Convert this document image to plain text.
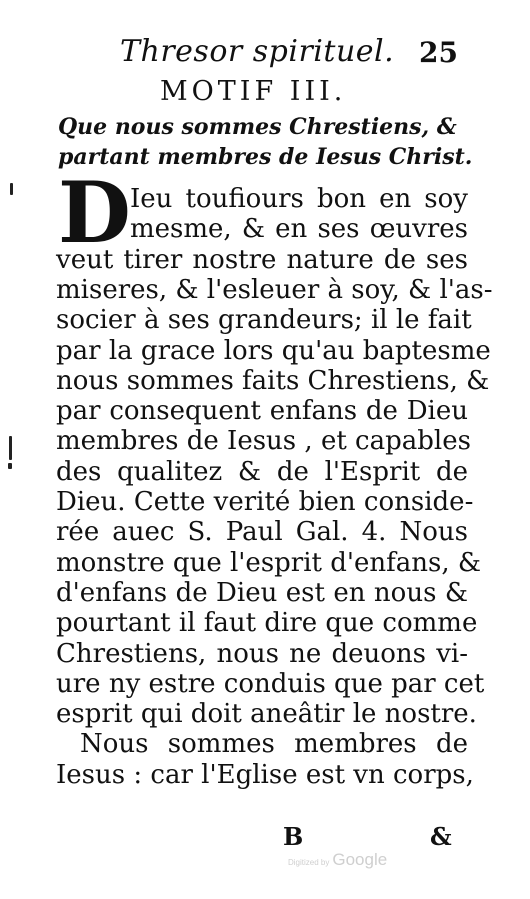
Thresor spirituel. 25
MOTIF III.
Que nous sommes Chrestiens, &
partant membres de Iesus Christ.
D Ieu toufiours bon en soy
mesme, & en ses œuvres
veut tirer nostre nature de ses
miseres, & l'esleuer à soy, & l'as-
socier à ses grandeurs; il le fait
par la grace lors qu'au baptesme
nous sommes faits Chrestiens, &
par consequent enfans de Dieu
membres de Iesus , et capables
des qualitez & de l'Esprit de
Dieu. Cette verité bien conside-
rée auec S. Paul Gal. 4. Nous
monstre que l'esprit d'enfans, &
d'enfans de Dieu est en nous &
pourtant il faut dire que comme
Chrestiens, nous ne deuons vi-
ure ny estre conduis que par cet
esprit qui doit aneâtir le nostre.
Nous sommes membres de
Iesus : car l'Eglise est vn corps,
B	&
Digitized by Google
